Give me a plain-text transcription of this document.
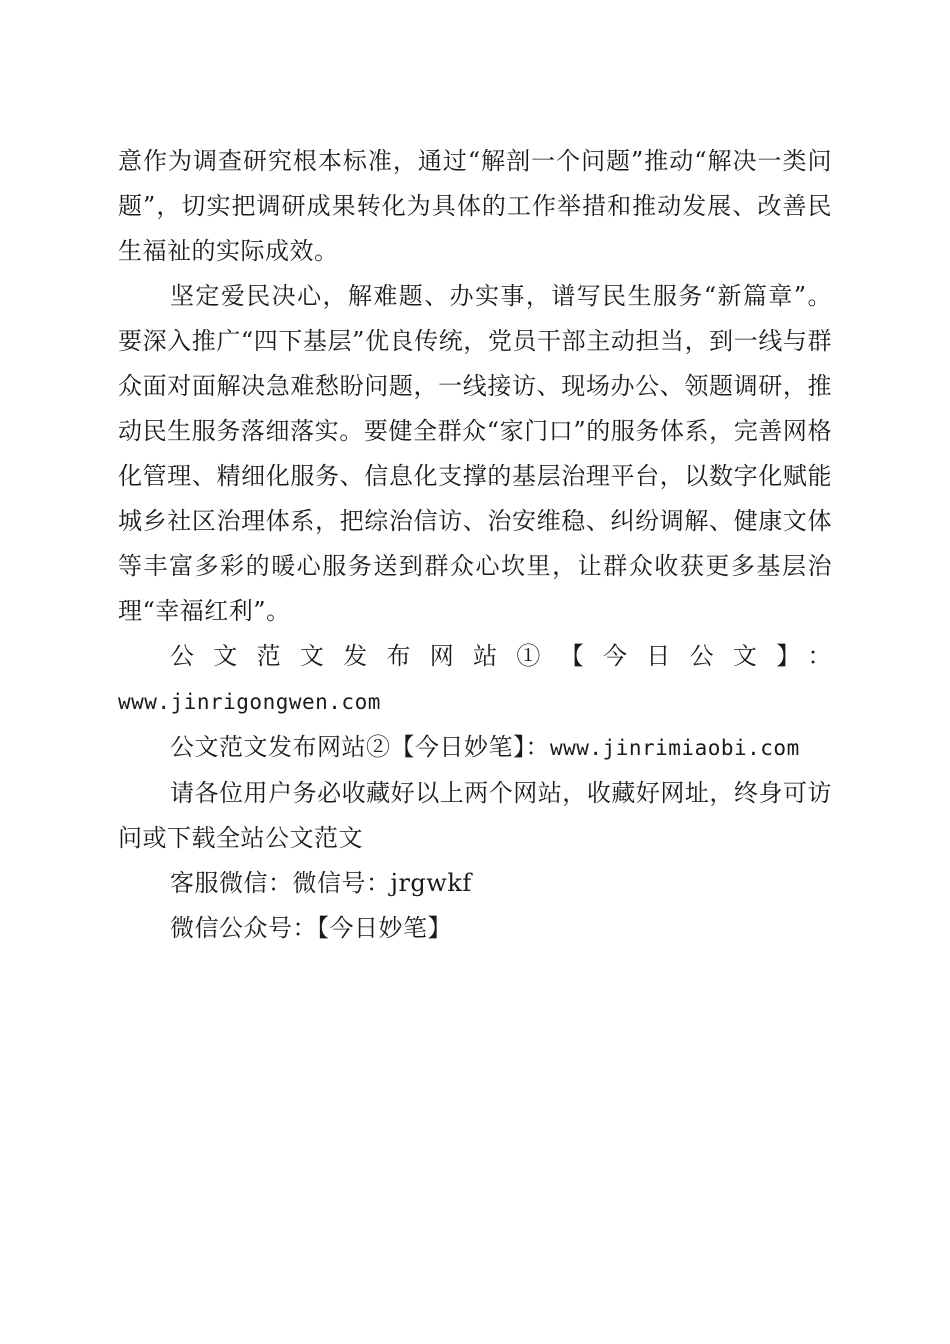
意作为调查研究根本标准，通过“解剖一个问题”推动“解决一类问题”，切实把调研成果转化为具体的工作举措和推动发展、改善民生福祉的实际成效。

坚定爱民决心，解难题、办实事，谱写民生服务“新篇章”。要深入推广“四下基层”优良传统，党员干部主动担当，到一线与群众面对面解决急难愁盼问题，一线接访、现场办公、领题调研，推动民生服务落细落实。要健全群众“家门口”的服务体系，完善网格化管理、精细化服务、信息化支撑的基层治理平台，以数字化赋能城乡社区治理体系，把综治信访、治安维稳、纠纷调解、健康文体等丰富多彩的暖心服务送到群众心坎里，让群众收获更多基层治理“幸福红利”。

公文范文发布网站①【今日公文】：

www.jinrigongwen.com

公文范文发布网站②【今日妙笔】：www.jinrimiaobi.com

请各位用户务必收藏好以上两个网站，收藏好网址，终身可访问或下载全站公文范文

客服微信：微信号：jrgwkf

微信公众号：【今日妙笔】
